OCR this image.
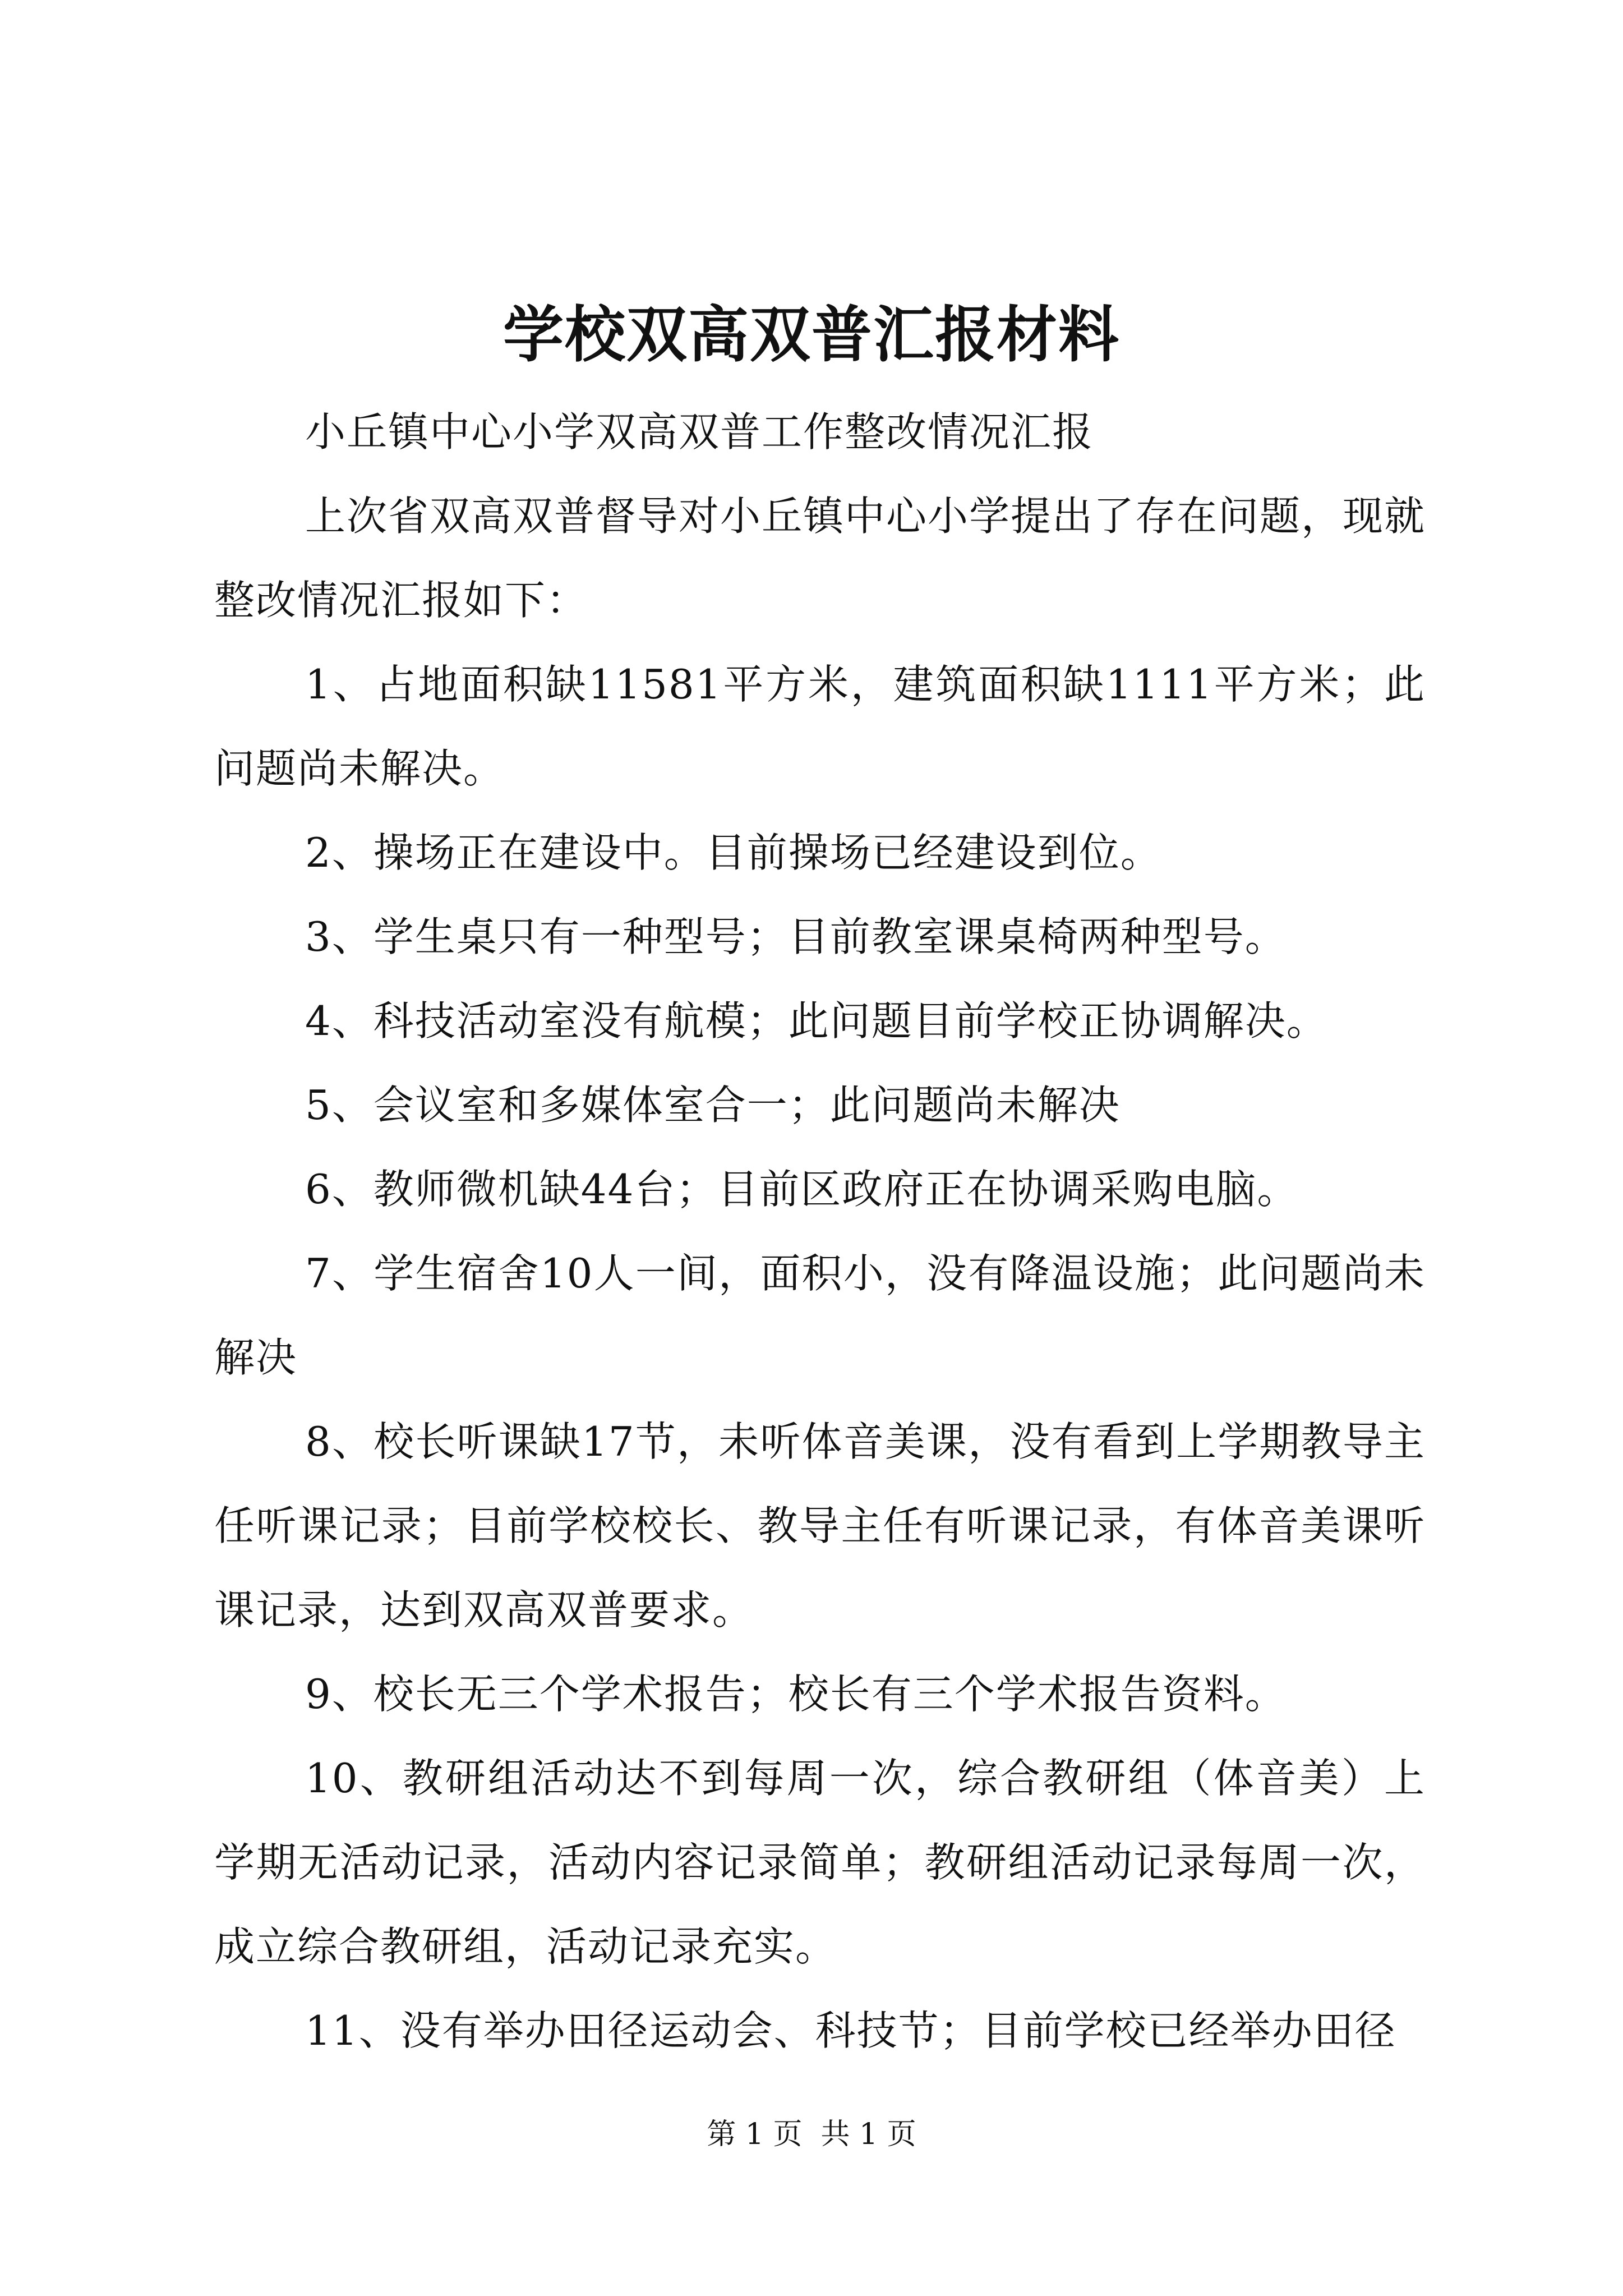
学校双高双普汇报材料

小丘镇中心小学双高双普工作整改情况汇报

上次省双高双普督导对小丘镇中心小学提出了存在问题，现就整改情况汇报如下：

1、占地面积缺11581平方米，建筑面积缺1111平方米；此问题尚未解决。

2、操场正在建设中。目前操场已经建设到位。

3、学生桌只有一种型号；目前教室课桌椅两种型号。

4、科技活动室没有航模；此问题目前学校正协调解决。

5、会议室和多媒体室合一；此问题尚未解决

6、教师微机缺44台；目前区政府正在协调采购电脑。

7、学生宿舍10人一间，面积小，没有降温设施；此问题尚未解决

8、校长听课缺17节，未听体音美课，没有看到上学期教导主任听课记录；目前学校校长、教导主任有听课记录，有体音美课听课记录，达到双高双普要求。

9、校长无三个学术报告；校长有三个学术报告资料。

10、教研组活动达不到每周一次，综合教研组（体音美）上学期无活动记录，活动内容记录简单；教研组活动记录每周一次，成立综合教研组，活动记录充实。

11、没有举办田径运动会、科技节；目前学校已经举办田径

第 1 页  共 1 页
